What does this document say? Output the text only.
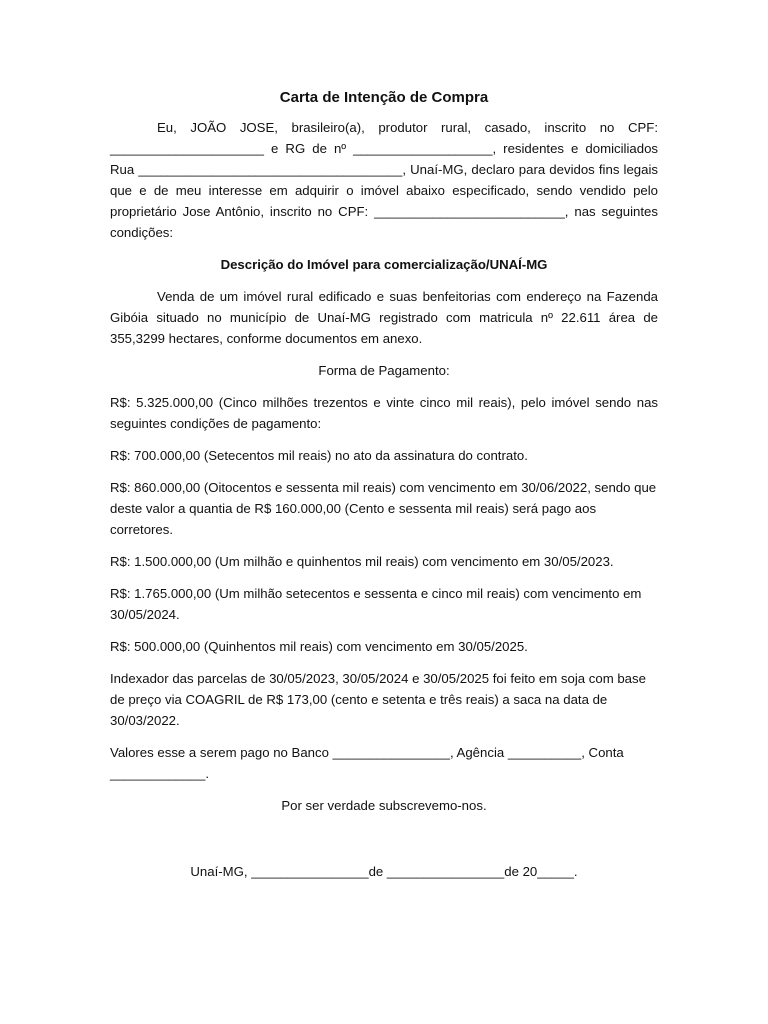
Carta de Intenção de Compra

Eu, JOÃO JOSE, brasileiro(a), produtor rural, casado, inscrito no CPF: _____________________ e RG de nº ___________________, residentes e domiciliados Rua ____________________________________, Unaí-MG, declaro para devidos fins legais que e de meu interesse em adquirir o imóvel abaixo especificado, sendo vendido pelo proprietário Jose Antônio, inscrito no CPF: __________________________, nas seguintes condições:

Descrição do Imóvel para comercialização/UNAÍ-MG

Venda de um imóvel rural edificado e suas benfeitorias com endereço na Fazenda Gibóia situado no município de Unaí-MG registrado com matricula nº 22.611 área de 355,3299 hectares, conforme documentos em anexo.

Forma de Pagamento:

R$: 5.325.000,00 (Cinco milhões trezentos e vinte cinco mil reais), pelo imóvel sendo nas seguintes condições de pagamento:

R$: 700.000,00 (Setecentos mil reais) no ato da assinatura do contrato.

R$: 860.000,00 (Oitocentos e sessenta mil reais) com vencimento em 30/06/2022, sendo que deste valor a quantia de R$ 160.000,00 (Cento e sessenta mil reais) será pago aos corretores.

R$: 1.500.000,00 (Um milhão e quinhentos mil reais) com vencimento em 30/05/2023.

R$: 1.765.000,00 (Um milhão setecentos e sessenta e cinco mil reais) com vencimento em 30/05/2024.

R$: 500.000,00 (Quinhentos mil reais) com vencimento em 30/05/2025.

Indexador das parcelas de 30/05/2023, 30/05/2024 e 30/05/2025 foi feito em soja com base de preço via COAGRIL de R$ 173,00 (cento e setenta e três reais) a saca na data de 30/03/2022.

Valores esse a serem pago no Banco ________________, Agência __________, Conta _____________.

Por ser verdade subscrevemo-nos.

Unaí-MG, ________________de ________________de 20_____.
